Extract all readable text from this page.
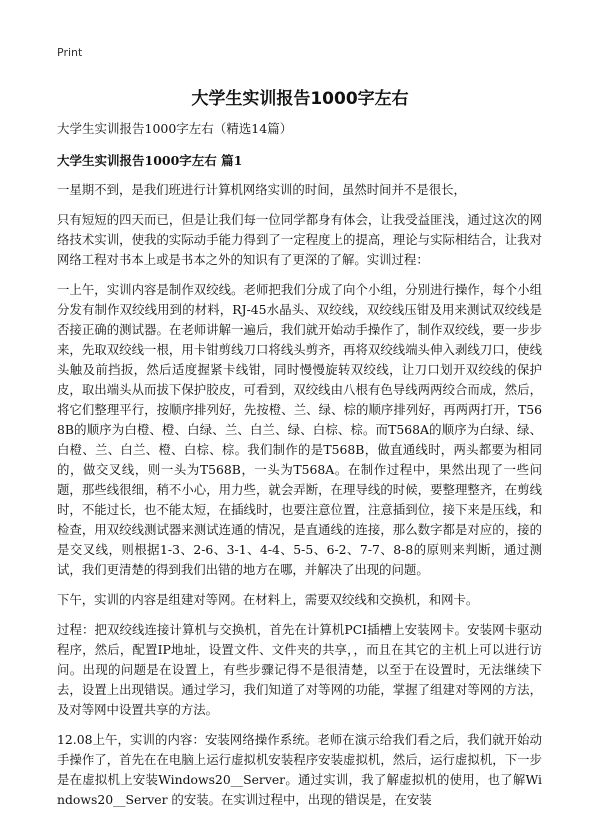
Print
大学生实训报告1000字左右

大学生实训报告1000字左右（精选14篇）

大学生实训报告1000字左右 篇1

一星期不到，是我们班进行计算机网络实训的时间，虽然时间并不是很长，

只有短短的四天而已，但是让我们每一位同学都身有体会，让我受益匪浅，通过这次的网络技术实训，使我的实际动手能力得到了一定程度上的提高，理论与实际相结合，让我对网络工程对书本上或是书本之外的知识有了更深的了解。实训过程：

一上午，实训内容是制作双绞线。老师把我们分成了向个小组，分别进行操作，每个小组分发有制作双绞线用到的材料，RJ-45水晶头、双绞线，双绞线压钳及用来测试双绞线是否接正确的测试器。在老师讲解一遍后，我们就开始动手操作了，制作双绞线，要一步步来，先取双绞线一根，用卡钳剪线刀口将线头剪齐，再将双绞线端头伸入剥线刀口，使线头触及前挡扳，然后适度握紧卡线钳，同时慢慢旋转双绞线，让刀口划开双绞线的保护皮，取出端头从而拔下保护胶皮，可看到，双绞线由八根有色导线两两绞合而成，然后，将它们整理平行，按顺序排列好，先按橙、兰、绿、棕的顺序排列好，再两两打开，T568B的顺序为白橙、橙、白绿、兰、白兰、绿、白棕、棕。而T568A的顺序为白绿、绿、白橙、兰、白兰、橙、白棕、棕。我们制作的是T568B，做直通线时，两头都要为相同的，做交叉线，则一头为T568B，一头为T568A。在制作过程中，果然出现了一些问题，那些线很细，稍不小心，用力些，就会弄断，在理导线的时候，要整理整齐，在剪线时，不能过长，也不能太短，在插线时，也要注意位置，注意插到位，接下来是压线，和检查，用双绞线测试器来测试连通的情况，是直通线的连接，那么数字都是对应的，接的是交叉线，则根据1-3、2-6、3-1、4-4、5-5、6-2、7-7、8-8的原则来判断，通过测试，我们更清楚的得到我们出错的地方在哪，并解决了出现的问题。

下午，实训的内容是组建对等网。在材料上，需要双绞线和交换机，和网卡。

过程：把双绞线连接计算机与交换机，首先在计算机PCI插槽上安装网卡。安装网卡驱动程序，然后，配置IP地址，设置文件、文件夹的共享，，而且在其它的主机上可以进行访问。出现的问题是在设置上，有些步骤记得不是很清楚，以至于在设置时，无法继续下去，设置上出现错误。通过学习，我们知道了对等网的功能，掌握了组建对等网的方法，及对等网中设置共享的方法。

12.08上午，实训的内容：安装网络操作系统。老师在演示给我们看之后，我们就开始动手操作了，首先在在电脑上运行虚拟机安装程序安装虚拟机，然后，运行虚拟机，下一步是在虚拟机上安装Windows20__Server。通过实训，我了解虚拟机的使用，也了解Windows20__Server 的安装。在实训过程中，出现的错误是，在安装
